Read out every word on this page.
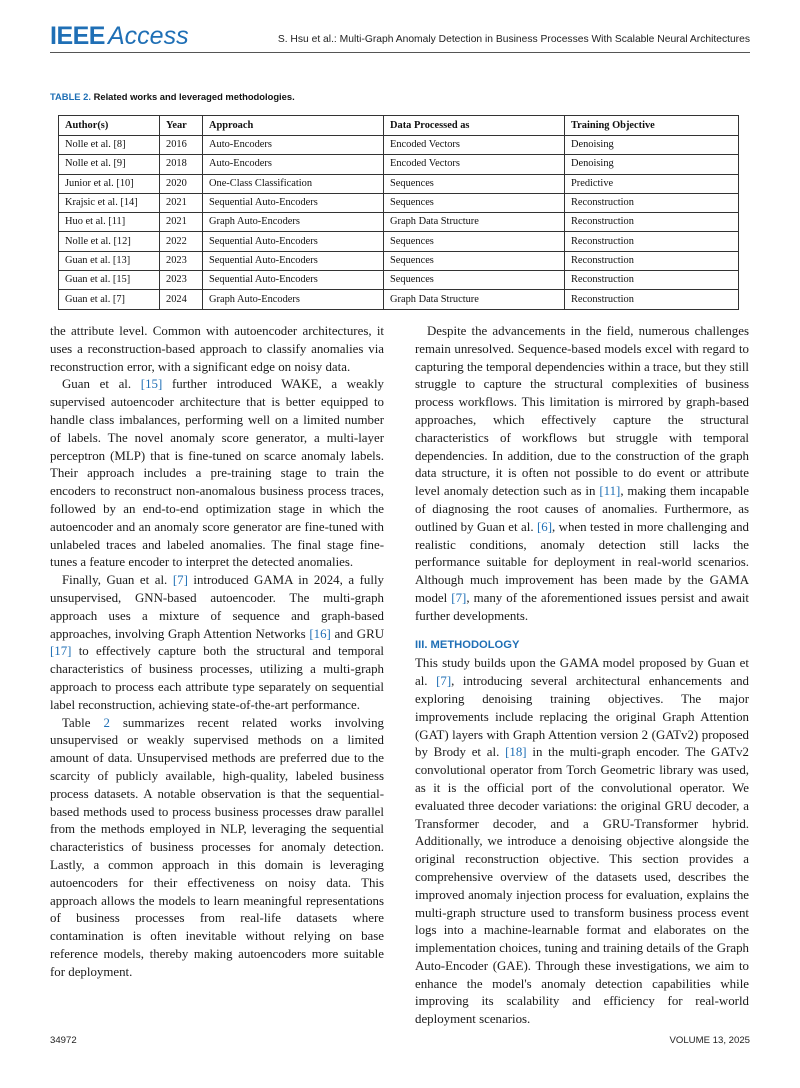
IEEE Access	S. Hsu et al.: Multi-Graph Anomaly Detection in Business Processes With Scalable Neural Architectures
TABLE 2. Related works and leveraged methodologies.
Author(s)	Year	Approach	Data Processed as	Training Objective
Nolle et al. [8]	2016	Auto-Encoders	Encoded Vectors	Denoising
Nolle et al. [9]	2018	Auto-Encoders	Encoded Vectors	Denoising
Junior et al. [10]	2020	One-Class Classification	Sequences	Predictive
Krajsic et al. [14]	2021	Sequential Auto-Encoders	Sequences	Reconstruction
Huo et al. [11]	2021	Graph Auto-Encoders	Graph Data Structure	Reconstruction
Nolle et al. [12]	2022	Sequential Auto-Encoders	Sequences	Reconstruction
Guan et al. [13]	2023	Sequential Auto-Encoders	Sequences	Reconstruction
Guan et al. [15]	2023	Sequential Auto-Encoders	Sequences	Reconstruction
Guan et al. [7]	2024	Graph Auto-Encoders	Graph Data Structure	Reconstruction

the attribute level. Common with autoencoder architectures, it uses a reconstruction-based approach to classify anomalies via reconstruction error, with a significant edge on noisy data.

Guan et al. [15] further introduced WAKE, a weakly supervised autoencoder architecture that is better equipped to handle class imbalances, performing well on a limited number of labels. The novel anomaly score generator, a multi-layer perceptron (MLP) that is fine-tuned on scarce anomaly labels. Their approach includes a pre-training stage to train the encoders to reconstruct non-anomalous business process traces, followed by an end-to-end optimization stage in which the autoencoder and an anomaly score generator are fine-tuned with unlabeled traces and labeled anomalies. The final stage fine-tunes a feature encoder to interpret the detected anomalies.

Finally, Guan et al. [7] introduced GAMA in 2024, a fully unsupervised, GNN-based autoencoder. The multi-graph approach uses a mixture of sequence and graph-based approaches, involving Graph Attention Networks [16] and GRU [17] to effectively capture both the structural and temporal characteristics of business processes, utilizing a multi-graph approach to process each attribute type separately on sequential label reconstruction, achieving state-of-the-art performance.

Table 2 summarizes recent related works involving unsupervised or weakly supervised methods on a limited amount of data. Unsupervised methods are preferred due to the scarcity of publicly available, high-quality, labeled business process datasets. A notable observation is that the sequential-based methods used to process business processes draw parallel from the methods employed in NLP, leveraging the sequential characteristics of business processes for anomaly detection. Lastly, a common approach in this domain is leveraging autoencoders for their effectiveness on noisy data. This approach allows the models to learn meaningful representations of business processes from real-life datasets where contamination is often inevitable without relying on base reference models, thereby making autoencoders more suitable for deployment.

Despite the advancements in the field, numerous challenges remain unresolved. Sequence-based models excel with regard to capturing the temporal dependencies within a trace, but they still struggle to capture the structural complexities of business process workflows. This limitation is mirrored by graph-based approaches, which effectively capture the structural characteristics of workflows but struggle with temporal dependencies. In addition, due to the construction of the graph data structure, it is often not possible to do event or attribute level anomaly detection such as in [11], making them incapable of diagnosing the root causes of anomalies. Furthermore, as outlined by Guan et al. [6], when tested in more challenging and realistic conditions, anomaly detection still lacks the performance suitable for deployment in real-world scenarios. Although much improvement has been made by the GAMA model [7], many of the aforementioned issues persist and await further developments.

III. METHODOLOGY

This study builds upon the GAMA model proposed by Guan et al. [7], introducing several architectural enhancements and exploring denoising training objectives. The major improvements include replacing the original Graph Attention (GAT) layers with Graph Attention version 2 (GATv2) proposed by Brody et al. [18] in the multi-graph encoder. The GATv2 convolutional operator from Torch Geometric library was used, as it is the official port of the convolutional operator. We evaluated three decoder variations: the original GRU decoder, a Transformer decoder, and a GRU-Transformer hybrid. Additionally, we introduce a denoising objective alongside the original reconstruction objective. This section provides a comprehensive overview of the datasets used, describes the improved anomaly injection process for evaluation, explains the multi-graph structure used to transform business process event logs into a machine-learnable format and elaborates on the implementation choices, tuning and training details of the Graph Auto-Encoder (GAE). Through these investigations, we aim to enhance the model's anomaly detection capabilities while improving its scalability and efficiency for real-world deployment scenarios.

34972	VOLUME 13, 2025
